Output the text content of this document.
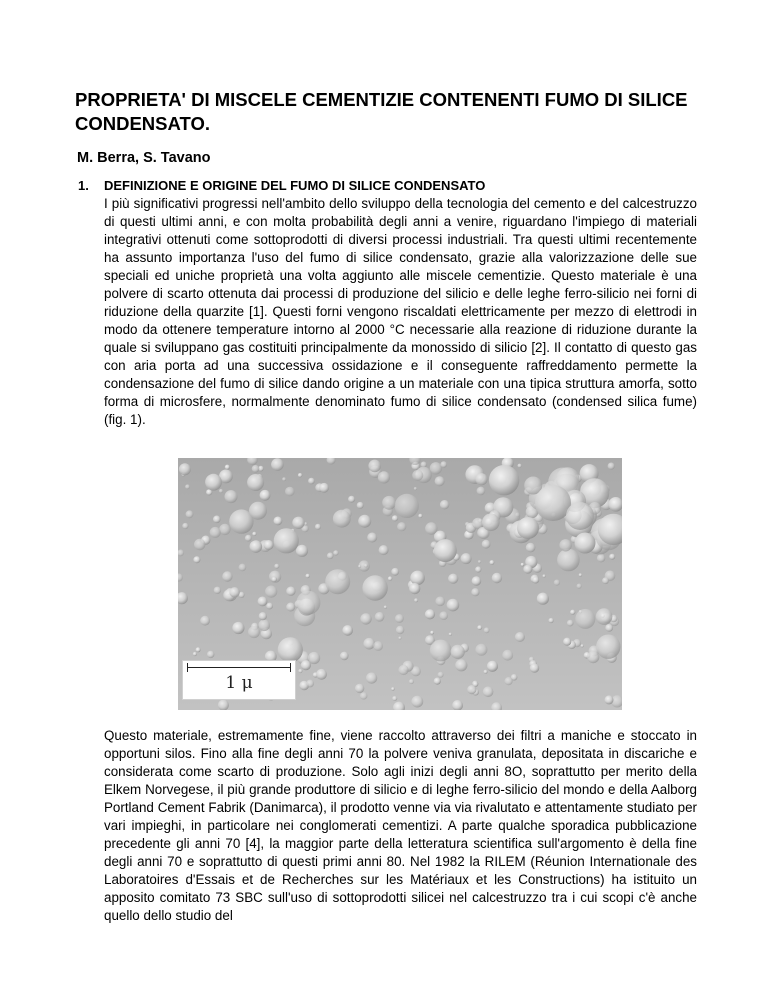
PROPRIETA' DI MISCELE CEMENTIZIE CONTENENTI FUMO DI SILICE CONDENSATO.

M. Berra, S. Tavano

1.	DEFINIZIONE E ORIGINE DEL FUMO DI SILICE CONDENSATO

I più significativi progressi nell'ambito dello sviluppo della tecnologia del cemento e del calcestruzzo di questi ultimi anni, e con molta probabilità degli anni a venire, riguardano l'impiego di materiali integrativi ottenuti come sottoprodotti di diversi processi industriali. Tra questi ultimi recentemente ha assunto importanza l'uso del fumo di silice condensato, grazie alla valorizzazione delle sue speciali ed uniche proprietà una volta aggiunto alle miscele cementizie. Questo materiale è una polvere di scarto ottenuta dai processi di produzione del silicio e delle leghe ferro-silicio nei forni di riduzione della quarzite [1]. Questi forni vengono riscaldati elettricamente per mezzo di elettrodi in modo da ottenere temperature intorno al 2000 °C necessarie alla reazione di riduzione durante la quale si sviluppano gas costituiti principalmente da monossido di silicio [2]. Il contatto di questo gas con aria porta ad una successiva ossidazione e il conseguente raffreddamento permette la condensazione del fumo di silice dando origine a un materiale con una tipica struttura amorfa, sotto forma di microsfere, normalmente denominato fumo di silice condensato (condensed silica fume) (fig. 1).

1 μ

Questo materiale, estremamente fine, viene raccolto attraverso dei filtri a maniche e stoccato in opportuni silos. Fino alla fine degli anni 70 la polvere veniva granulata, depositata in discariche e considerata come scarto di produzione. Solo agli inizi degli anni 8O, soprattutto per merito della Elkem Norvegese, il più grande produttore di silicio e di leghe ferro-silicio del mondo e della Aalborg Portland Cement Fabrik (Danimarca), il prodotto venne via via rivalutato e attentamente studiato per vari impieghi, in particolare nei conglomerati cementizi. A parte qualche sporadica pubblicazione precedente gli anni 70 [4], la maggior parte della letteratura scientifica sull'argomento è della fine degli anni 70 e soprattutto di questi primi anni 80. Nel 1982 la RILEM (Réunion Internationale des Laboratoires d'Essais et de Recherches sur les Matériaux et les Constructions) ha istituito un apposito comitato 73 SBC sull'uso di sottoprodotti silicei nel calcestruzzo tra i cui scopi c'è anche quello dello studio del
